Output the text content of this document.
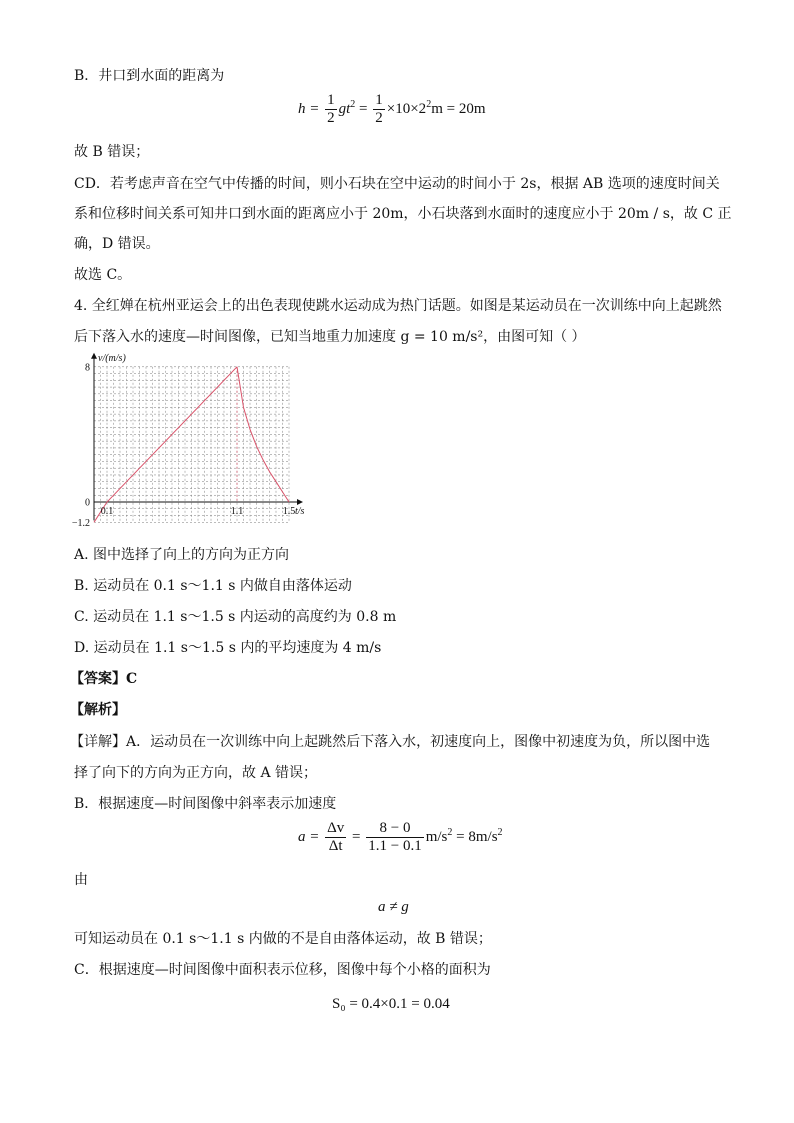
B．井口到水面的距离为
$h = \frac{1}{2} gt^2 = \frac{1}{2} \times 10\times 2^2m = 20m$
故 B 错误；
CD．若考虑声音在空气中传播的时间，则小石块在空中运动的时间小于 2s，根据 AB 选项的速度时间关
系和位移时间关系可知井口到水面的距离应小于 20m，小石块落到水面时的速度应小于 20m / s，故 C 正
确，D 错误。
故选 C。
4. 全红婵在杭州亚运会上的出色表现使跳水运动成为热门话题。如图是某运动员在一次训练中向上起跳然
后下落入水的速度—时间图像，已知当地重力加速度 g = 10 m/s²，由图可知（ ）
8
0
−1.2
0.1	1.1	1.5
v/(m/s)
t/s
A. 图中选择了向上的方向为正方向
B. 运动员在 0.1 s～1.1 s 内做自由落体运动
C. 运动员在 1.1 s～1.5 s 内运动的高度约为 0.8 m
D. 运动员在 1.1 s～1.5 s 内的平均速度为 4 m/s
【答案】C
【解析】
【详解】A．运动员在一次训练中向上起跳然后下落入水，初速度向上，图像中初速度为负，所以图中选
择了向下的方向为正方向，故 A 错误；
B．根据速度—时间图像中斜率表示加速度
$a = \frac{\Delta v}{\Delta t} = \frac{8 - 0}{1.1 - 0.1} m/s^2 = 8m/s^2$
由
a ≠ g
可知运动员在 0.1 s～1.1 s 内做的不是自由落体运动，故 B 错误；
C．根据速度—时间图像中面积表示位移，图像中每个小格的面积为
S₀ = 0.4×0.1 = 0.04
